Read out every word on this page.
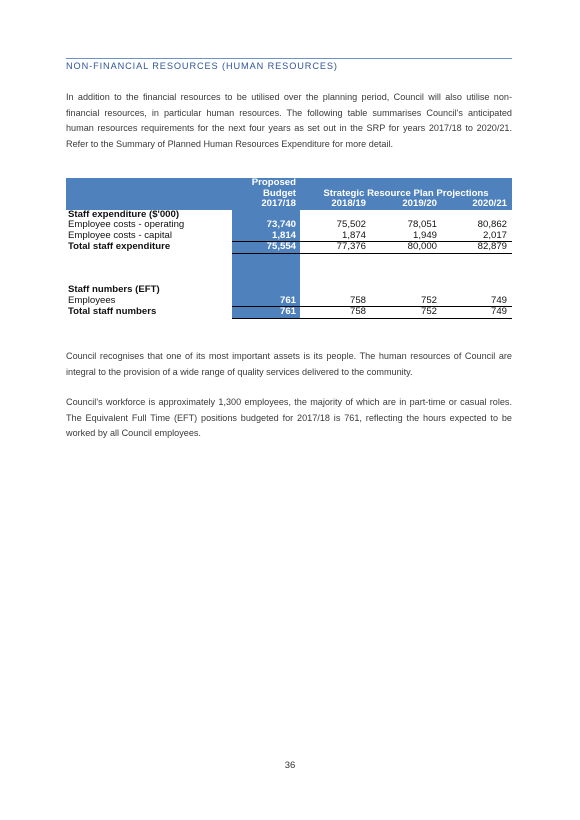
NON-FINANCIAL RESOURCES (HUMAN RESOURCES)

In addition to the financial resources to be utilised over the planning period, Council will also utilise non-financial resources, in particular human resources. The following table summarises Council's anticipated human resources requirements for the next four years as set out in the SRP for years 2017/18 to 2020/21. Refer to the Summary of Planned Human Resources Expenditure for more detail.

	Proposed			
	Budget	Strategic Resource Plan Projections		
	2017/18	2018/19	2019/20	2020/21
Staff expenditure ($'000)				
Employee costs - operating	73,740	75,502	78,051	80,862
Employee costs - capital	1,814	1,874	1,949	2,017
Total staff expenditure	75,554	77,376	80,000	82,879

Staff numbers (EFT)				
Employees	761	758	752	749
Total staff numbers	761	758	752	749

Council recognises that one of its most important assets is its people. The human resources of Council are integral to the provision of a wide range of quality services delivered to the community.

Council's workforce is approximately 1,300 employees, the majority of which are in part-time or casual roles. The Equivalent Full Time (EFT) positions budgeted for 2017/18 is 761, reflecting the hours expected to be worked by all Council employees.

36
